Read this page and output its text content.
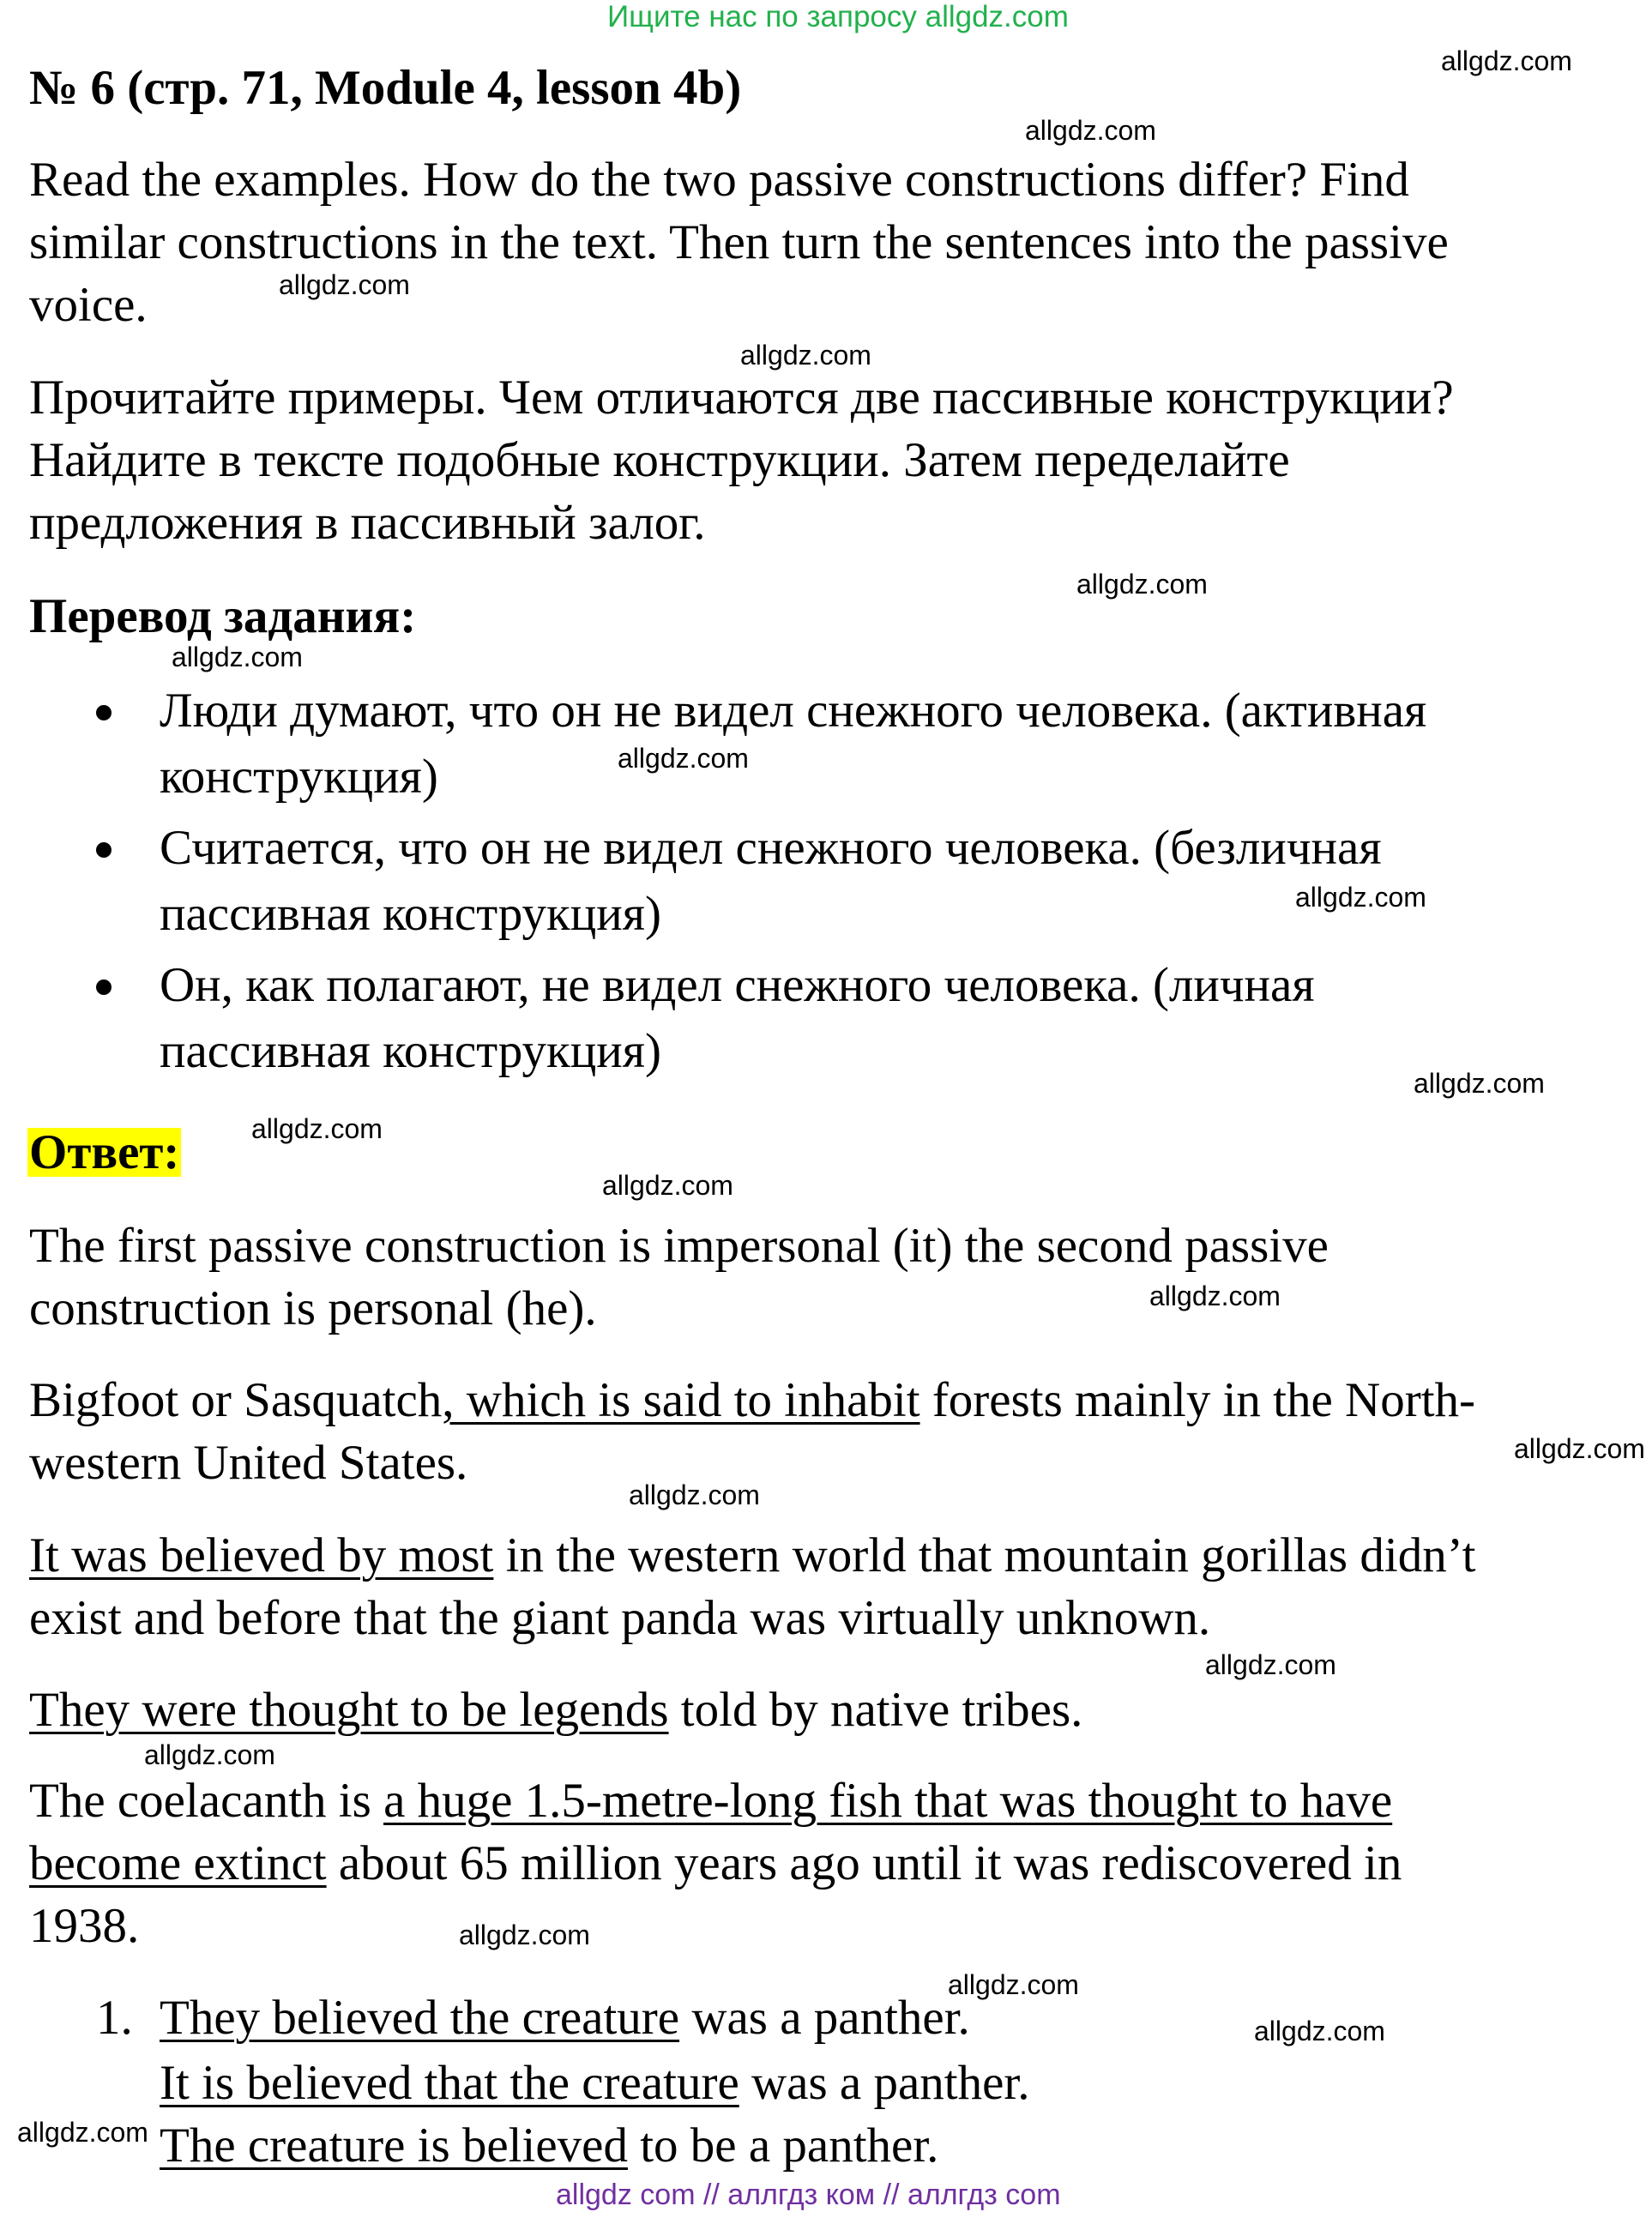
Ищите нас по запросу allgdz.com
№ 6 (стр. 71, Module 4, lesson 4b)
Read the examples. How do the two passive constructions differ? Find
similar constructions in the text. Then turn the sentences into the passive
voice.
Прочитайте примеры. Чем отличаются две пассивные конструкции?
Найдите в тексте подобные конструкции. Затем переделайте
предложения в пассивный залог.
Перевод задания:
Люди думают, что он не видел снежного человека. (активная
конструкция)
Считается, что он не видел снежного человека. (безличная
пассивная конструкция)
Он, как полагают, не видел снежного человека. (личная
пассивная конструкция)
Ответ:
The first passive construction is impersonal (it) the second passive
construction is personal (he).
Bigfoot or Sasquatch, which is said to inhabit forests mainly in the North-
western United States.
It was believed by most in the western world that mountain gorillas didn’t
exist and before that the giant panda was virtually unknown.
They were thought to be legends told by native tribes.
The coelacanth is a huge 1.5-metre-long fish that was thought to have
become extinct about 65 million years ago until it was rediscovered in
1938.
1. They believed the creature was a panther.
It is believed that the creature was a panther.
The creature is believed to be a panther.
allgdz.com
allgdz.com
allgdz.com
allgdz.com
allgdz.com
allgdz.com
allgdz.com
allgdz.com
allgdz.com
allgdz.com
allgdz.com
allgdz.com
allgdz.com
allgdz.com
allgdz.com
allgdz.com
allgdz.com
allgdz.com
allgdz.com
allgdz.com
allgdz com // аллгдз ком // аллгдз com
